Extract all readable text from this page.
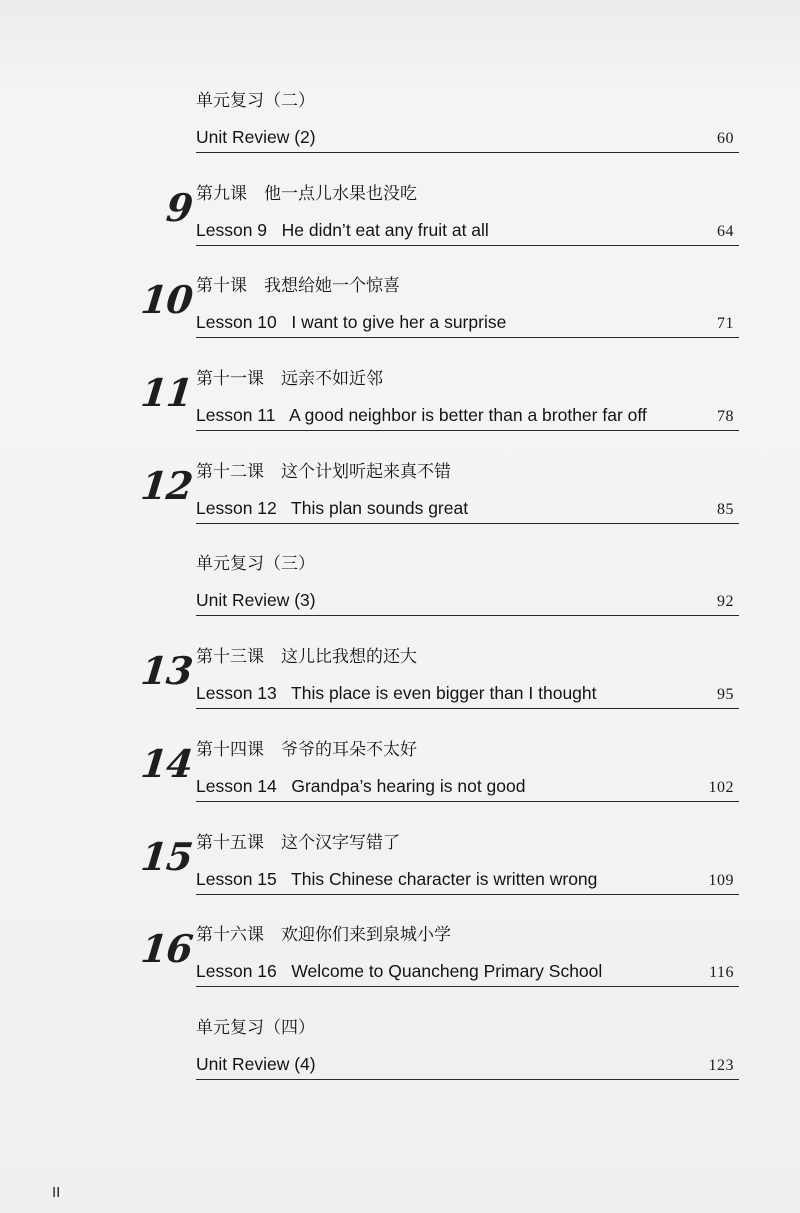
单元复习（二）
Unit Review (2)	60
9 第九课　他一点儿水果也没吃
Lesson 9   He didn’t eat any fruit at all	64
10 第十课　我想给她一个惊喜
Lesson 10   I want to give her a surprise	71
11 第十一课　远亲不如近邻
Lesson 11   A good neighbor is better than a brother far off	78
12 第十二课　这个计划听起来真不错
Lesson 12   This plan sounds great	85
单元复习（三）
Unit Review (3)	92
13 第十三课　这儿比我想的还大
Lesson 13   This place is even bigger than I thought	95
14 第十四课　爷爷的耳朵不太好
Lesson 14   Grandpa’s hearing is not good	102
15 第十五课　这个汉字写错了
Lesson 15   This Chinese character is written wrong	109
16 第十六课　欢迎你们来到泉城小学
Lesson 16   Welcome to Quancheng Primary School	116
单元复习（四）
Unit Review (4)	123
II
